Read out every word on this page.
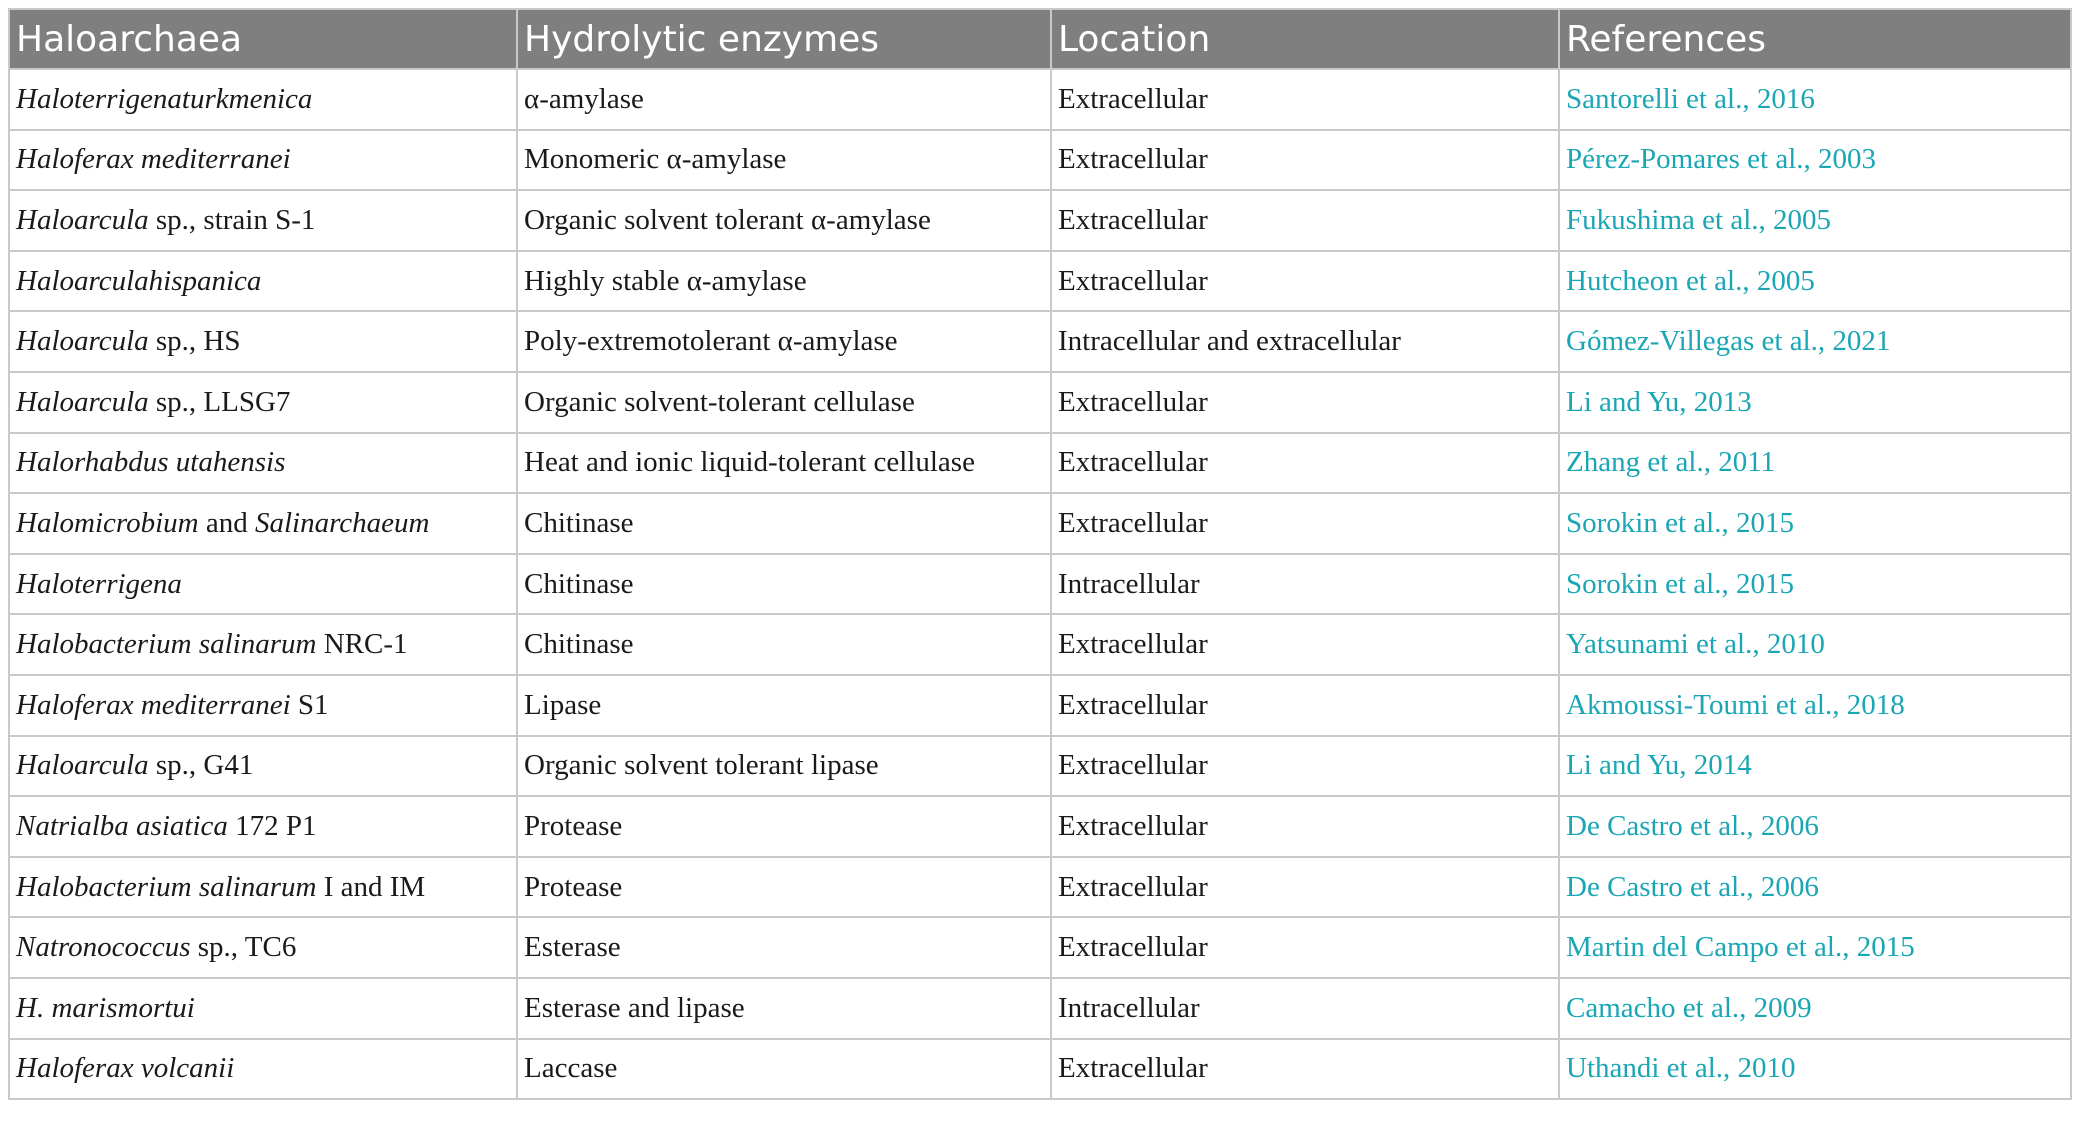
Haloarchaea	Hydrolytic enzymes	Location	References
Haloterrigenaturkmenica	α-amylase	Extracellular	Santorelli et al., 2016
Haloferax mediterranei	Monomeric α-amylase	Extracellular	Pérez-Pomares et al., 2003
Haloarcula sp., strain S-1	Organic solvent tolerant α-amylase	Extracellular	Fukushima et al., 2005
Haloarculahispanica	Highly stable α-amylase	Extracellular	Hutcheon et al., 2005
Haloarcula sp., HS	Poly-extremotolerant α-amylase	Intracellular and extracellular	Gómez-Villegas et al., 2021
Haloarcula sp., LLSG7	Organic solvent-tolerant cellulase	Extracellular	Li and Yu, 2013
Halorhabdus utahensis	Heat and ionic liquid-tolerant cellulase	Extracellular	Zhang et al., 2011
Halomicrobium and Salinarchaeum	Chitinase	Extracellular	Sorokin et al., 2015
Haloterrigena	Chitinase	Intracellular	Sorokin et al., 2015
Halobacterium salinarum NRC-1	Chitinase	Extracellular	Yatsunami et al., 2010
Haloferax mediterranei S1	Lipase	Extracellular	Akmoussi-Toumi et al., 2018
Haloarcula sp., G41	Organic solvent tolerant lipase	Extracellular	Li and Yu, 2014
Natrialba asiatica 172 P1	Protease	Extracellular	De Castro et al., 2006
Halobacterium salinarum I and IM	Protease	Extracellular	De Castro et al., 2006
Natronococcus sp., TC6	Esterase	Extracellular	Martin del Campo et al., 2015
H. marismortui	Esterase and lipase	Intracellular	Camacho et al., 2009
Haloferax volcanii	Laccase	Extracellular	Uthandi et al., 2010
